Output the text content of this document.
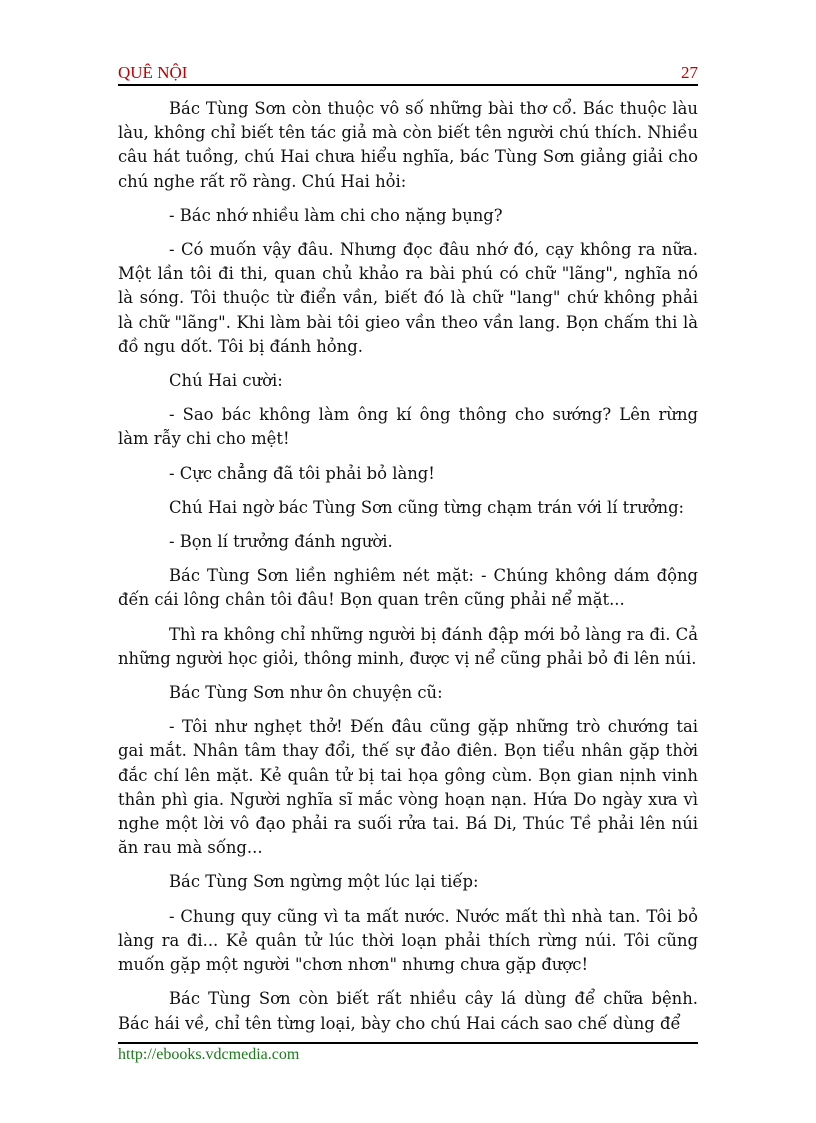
QUÊ NỘI	27

Bác Tùng Sơn còn thuộc vô số những bài thơ cổ. Bác thuộc làu làu, không chỉ biết tên tác giả mà còn biết tên người chú thích. Nhiều câu hát tuồng, chú Hai chưa hiểu nghĩa, bác Tùng Sơn giảng giải cho chú nghe rất rõ ràng. Chú Hai hỏi:

- Bác nhớ nhiều làm chi cho nặng bụng?

- Có muốn vậy đâu. Nhưng đọc đâu nhớ đó, cạy không ra nữa. Một lần tôi đi thi, quan chủ khảo ra bài phú có chữ "lãng", nghĩa nó là sóng. Tôi thuộc từ điển vần, biết đó là chữ "lang" chứ không phải là chữ "lãng". Khi làm bài tôi gieo vần theo vần lang. Bọn chấm thi là đồ ngu dốt. Tôi bị đánh hỏng.

Chú Hai cười:

- Sao bác không làm ông kí ông thông cho sướng? Lên rừng làm rẫy chi cho mệt!

- Cực chẳng đã tôi phải bỏ làng!

Chú Hai ngờ bác Tùng Sơn cũng từng chạm trán với lí trưởng:

- Bọn lí trưởng đánh người.

Bác Tùng Sơn liền nghiêm nét mặt: - Chúng không dám động đến cái lông chân tôi đâu! Bọn quan trên cũng phải nể mặt...

Thì ra không chỉ những người bị đánh đập mới bỏ làng ra đi. Cả những người học giỏi, thông minh, được vị nể cũng phải bỏ đi lên núi.

Bác Tùng Sơn như ôn chuyện cũ:

- Tôi như nghẹt thở! Đến đâu cũng gặp những trò chướng tai gai mắt. Nhân tâm thay đổi, thế sự đảo điên. Bọn tiểu nhân gặp thời đắc chí lên mặt. Kẻ quân tử bị tai họa gông cùm. Bọn gian nịnh vinh thân phì gia. Người nghĩa sĩ mắc vòng hoạn nạn. Hứa Do ngày xưa vì nghe một lời vô đạo phải ra suối rửa tai. Bá Di, Thúc Tề phải lên núi ăn rau mà sống...

Bác Tùng Sơn ngừng một lúc lại tiếp:

- Chung quy cũng vì ta mất nước. Nước mất thì nhà tan. Tôi bỏ làng ra đi... Kẻ quân tử lúc thời loạn phải thích rừng núi. Tôi cũng muốn gặp một người "chơn nhơn" nhưng chưa gặp được!

Bác Tùng Sơn còn biết rất nhiều cây lá dùng để chữa bệnh. Bác hái về, chỉ tên từng loại, bày cho chú Hai cách sao chế dùng để

http://ebooks.vdcmedia.com
